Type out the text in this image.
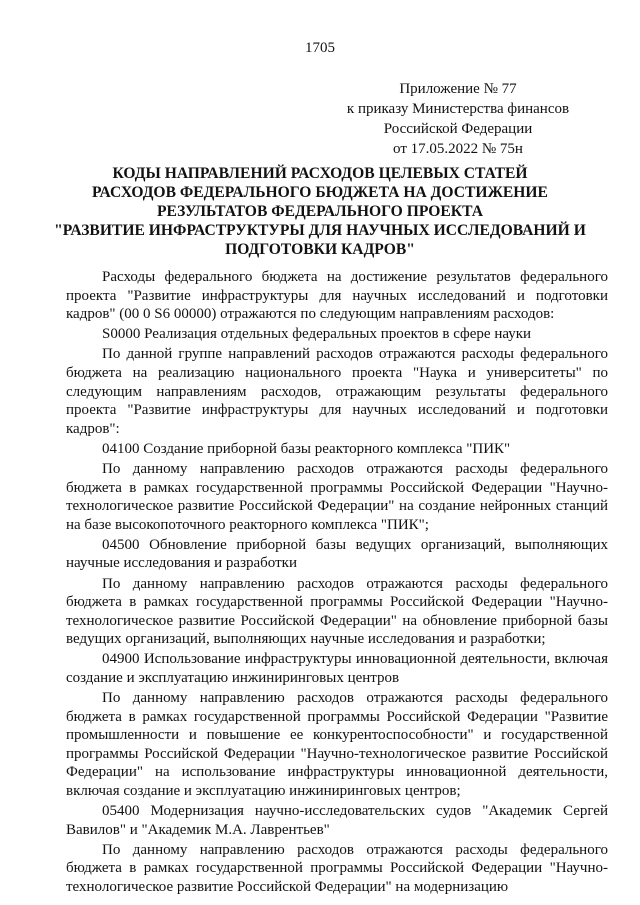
1705
Приложение № 77
к приказу Министерства финансов
Российской Федерации
от 17.05.2022 № 75н
КОДЫ НАПРАВЛЕНИЙ РАСХОДОВ ЦЕЛЕВЫХ СТАТЕЙ
РАСХОДОВ ФЕДЕРАЛЬНОГО БЮДЖЕТА НА ДОСТИЖЕНИЕ
РЕЗУЛЬТАТОВ ФЕДЕРАЛЬНОГО ПРОЕКТА
"РАЗВИТИЕ ИНФРАСТРУКТУРЫ ДЛЯ НАУЧНЫХ ИССЛЕДОВАНИЙ И
ПОДГОТОВКИ КАДРОВ"

Расходы федерального бюджета на достижение результатов федерального проекта "Развитие инфраструктуры для научных исследований и подготовки кадров" (00 0 S6 00000) отражаются по следующим направлениям расходов:

S0000 Реализация отдельных федеральных проектов в сфере науки

По данной группе направлений расходов отражаются расходы федерального бюджета на реализацию национального проекта "Наука и университеты" по следующим направлениям расходов, отражающим результаты федерального проекта "Развитие инфраструктуры для научных исследований и подготовки кадров":

04100 Создание приборной базы реакторного комплекса "ПИК"

По данному направлению расходов отражаются расходы федерального бюджета в рамках государственной программы Российской Федерации "Научно-технологическое развитие Российской Федерации" на создание нейронных станций на базе высокопоточного реакторного комплекса "ПИК";

04500 Обновление приборной базы ведущих организаций, выполняющих научные исследования и разработки

По данному направлению расходов отражаются расходы федерального бюджета в рамках государственной программы Российской Федерации "Научно-технологическое развитие Российской Федерации" на обновление приборной базы ведущих организаций, выполняющих научные исследования и разработки;

04900 Использование инфраструктуры инновационной деятельности, включая создание и эксплуатацию инжиниринговых центров

По данному направлению расходов отражаются расходы федерального бюджета в рамках государственной программы Российской Федерации "Развитие промышленности и повышение ее конкурентоспособности" и государственной программы Российской Федерации "Научно-технологическое развитие Российской Федерации" на использование инфраструктуры инновационной деятельности, включая создание и эксплуатацию инжиниринговых центров;

05400 Модернизация научно-исследовательских судов "Академик Сергей Вавилов" и "Академик М.А. Лаврентьев"

По данному направлению расходов отражаются расходы федерального бюджета в рамках государственной программы Российской Федерации "Научно-технологическое развитие Российской Федерации" на модернизацию
